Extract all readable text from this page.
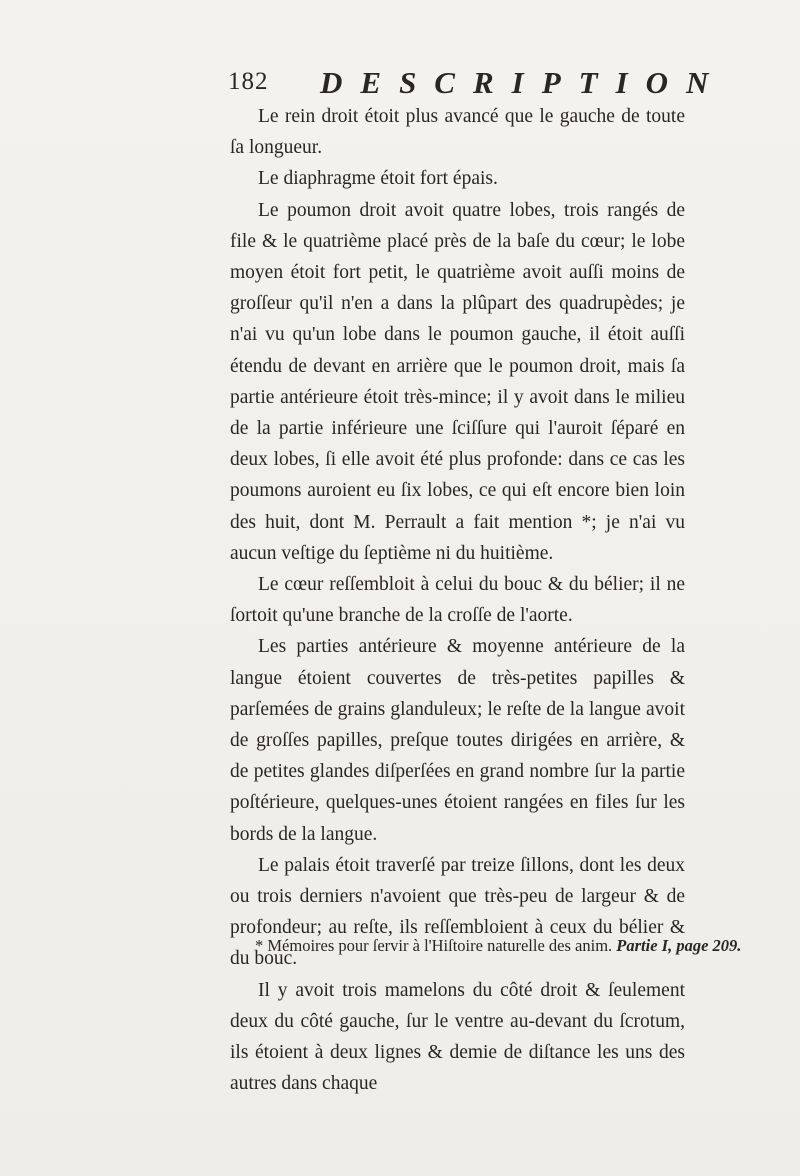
182 DESCRIPTION

Le rein droit étoit plus avancé que le gauche de toute ſa longueur.

Le diaphragme étoit fort épais.

Le poumon droit avoit quatre lobes, trois rangés de file & le quatrième placé près de la baſe du cœur; le lobe moyen étoit fort petit, le quatrième avoit auſſi moins de groſſeur qu'il n'en a dans la plûpart des quadrupèdes; je n'ai vu qu'un lobe dans le poumon gauche, il étoit auſſi étendu de devant en arrière que le poumon droit, mais ſa partie antérieure étoit très-mince; il y avoit dans le milieu de la partie inférieure une ſciſſure qui l'auroit ſéparé en deux lobes, ſi elle avoit été plus profonde: dans ce cas les poumons auroient eu ſix lobes, ce qui eſt encore bien loin des huit, dont M. Perrault a fait mention *; je n'ai vu aucun veſtige du ſeptième ni du huitième.

Le cœur reſſembloit à celui du bouc & du bélier; il ne ſortoit qu'une branche de la croſſe de l'aorte.

Les parties antérieure & moyenne antérieure de la langue étoient couvertes de très-petites papilles & parſemées de grains glanduleux; le reſte de la langue avoit de groſſes papilles, preſque toutes dirigées en arrière, & de petites glandes diſperſées en grand nombre ſur la partie poſtérieure, quelques-unes étoient rangées en files ſur les bords de la langue.

Le palais étoit traverſé par treize ſillons, dont les deux ou trois derniers n'avoient que très-peu de largeur & de profondeur; au reſte, ils reſſembloient à ceux du bélier & du bouc.

Il y avoit trois mamelons du côté droit & ſeulement deux du côté gauche, ſur le ventre au-devant du ſcrotum, ils étoient à deux lignes & demie de diſtance les uns des autres dans chaque

* Mémoires pour ſervir à l'Hiſtoire naturelle des anim. Partie I, page 209.
